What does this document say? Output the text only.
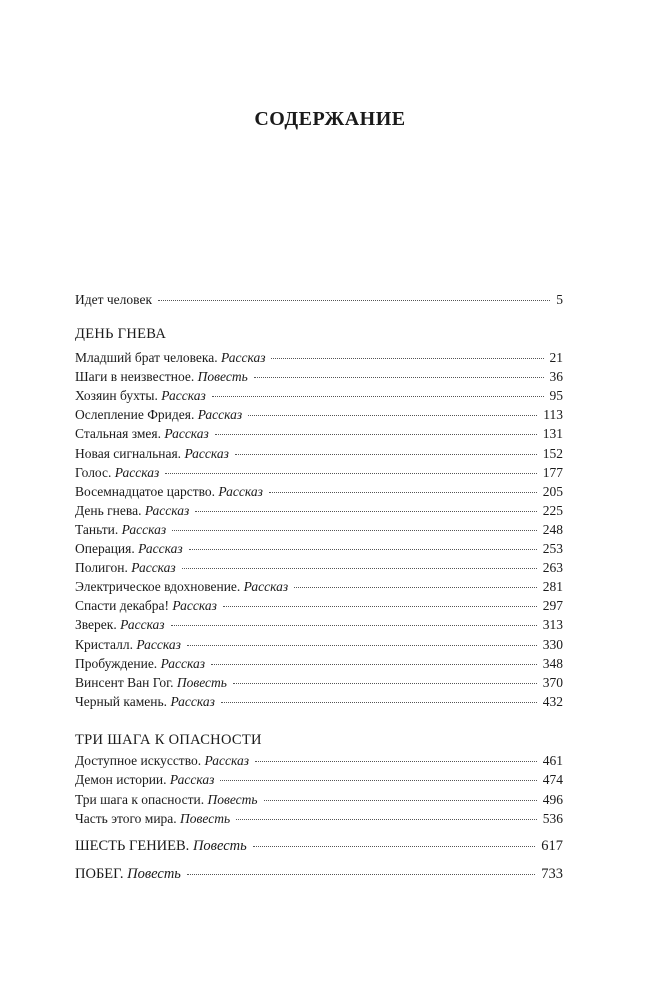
СОДЕРЖАНИЕ
Идет человек	5
ДЕНЬ ГНЕВА
Младший брат человека. Рассказ	21
Шаги в неизвестное. Повесть	36
Хозяин бухты. Рассказ	95
Ослепление Фридея. Рассказ	113
Стальная змея. Рассказ	131
Новая сигнальная. Рассказ	152
Голос. Рассказ	177
Восемнадцатое царство. Рассказ	205
День гнева. Рассказ	225
Таньти. Рассказ	248
Операция. Рассказ	253
Полигон. Рассказ	263
Электрическое вдохновение. Рассказ	281
Спасти декабра! Рассказ	297
Зверек. Рассказ	313
Кристалл. Рассказ	330
Пробуждение. Рассказ	348
Винсент Ван Гог. Повесть	370
Черный камень. Рассказ	432
ТРИ ШАГА К ОПАСНОСТИ
Доступное искусство. Рассказ	461
Демон истории. Рассказ	474
Три шага к опасности. Повесть	496
Часть этого мира. Повесть	536
ШЕСТЬ ГЕНИЕВ. Повесть	617
ПОБЕГ. Повесть	733
